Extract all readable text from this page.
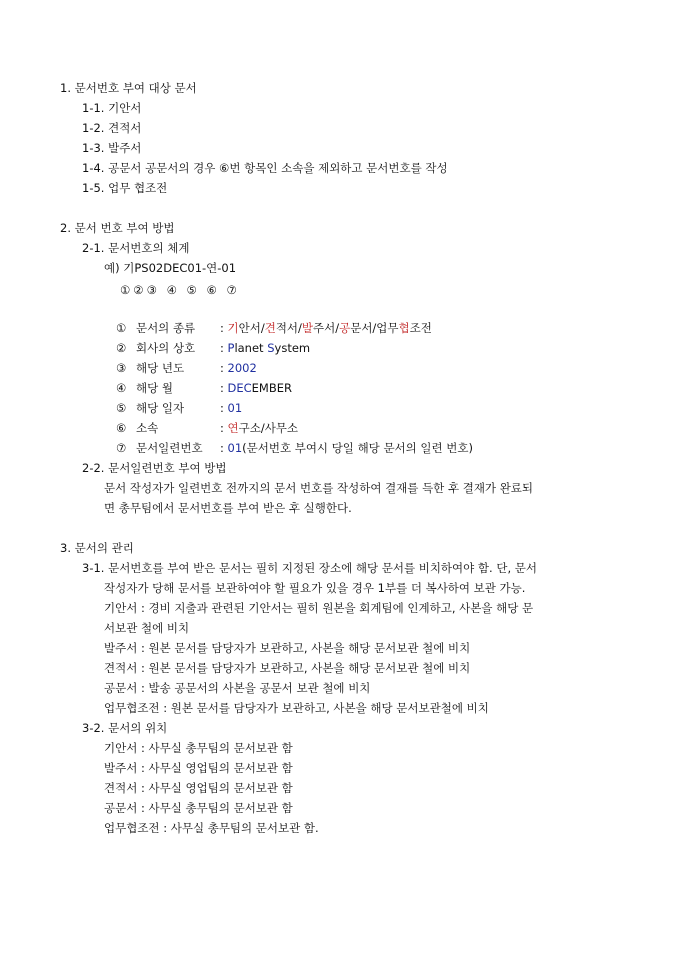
1. 문서번호 부여 대상 문서
1-1. 기안서
1-2. 견적서
1-3. 발주서
1-4. 공문서 공문서의 경우 ⑥번 항목인 소속을 제외하고 문서번호를 작성
1-5. 업무 협조전
2. 문서 번호 부여 방법
2-1. 문서번호의 체계
예) 기PS02DEC01-연-01
①②③ ④ ⑤ ⑥ ⑦
① 문서의 종류 : 기안서/견적서/발주서/공문서/업무협조전
② 회사의 상호 : Planet System
③ 해당 년도	: 2002
④ 해당 월	: DECEMBER
⑤ 해당 일자	: 01
⑥ 소속	: 연구소/사무소
⑦ 문서일련번호 : 01(문서번호 부여시 당일 해당 문서의 일련 번호)
2-2. 문서일련번호 부여 방법
문서 작성자가 일련번호 전까지의 문서 번호를 작성하여 결재를 득한 후 결재가 완료되
면 총무팀에서 문서번호를 부여 받은 후 실행한다.
3. 문서의 관리
3-1. 문서번호를 부여 받은 문서는 필히 지정된 장소에 해당 문서를 비치하여야 함. 단, 문서
작성자가 당해 문서를 보관하여야 할 필요가 있을 경우 1부를 더 복사하여 보관 가능.
기안서 : 경비 지출과 관련된 기안서는 필히 원본을 회계팀에 인계하고, 사본을 해당 문
서보관 철에 비치
발주서 : 원본 문서를 담당자가 보관하고, 사본을 해당 문서보관 철에 비치
견적서 : 원본 문서를 담당자가 보관하고, 사본을 해당 문서보관 철에 비치
공문서 : 발송 공문서의 사본을 공문서 보관 철에 비치
업무협조전 : 원본 문서를 담당자가 보관하고, 사본을 해당 문서보관철에 비치
3-2. 문서의 위치
기안서 : 사무실 총무팀의 문서보관 함
발주서 : 사무실 영업팀의 문서보관 함
견적서 : 사무실 영업팀의 문서보관 함
공문서 : 사무실 총무팀의 문서보관 함
업무협조전 : 사무실 총무팀의 문서보관 함.
